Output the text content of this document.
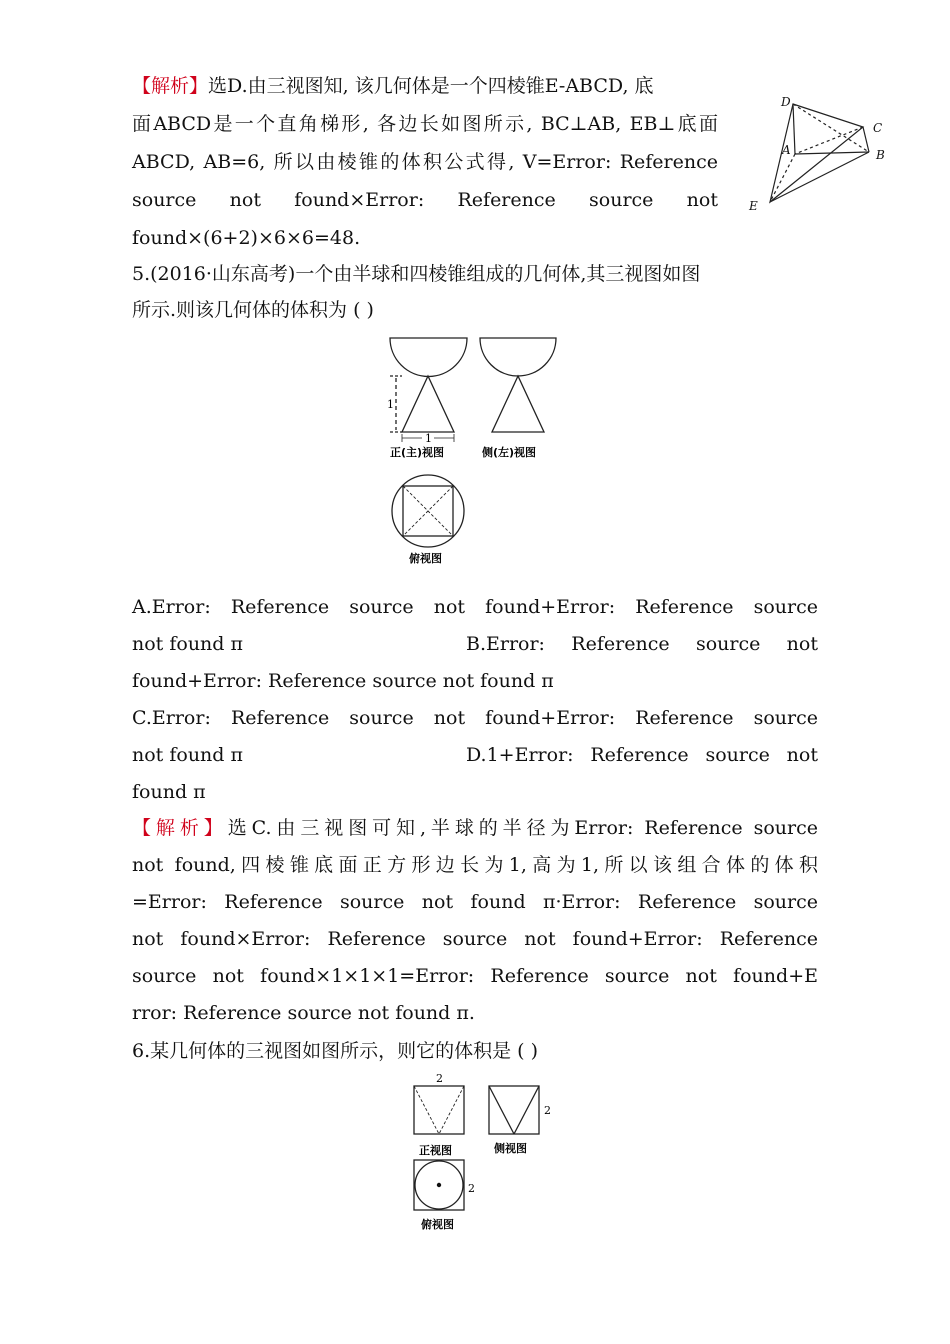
【解析】选D.由三视图知, 该几何体是一个四棱锥E-ABCD, 底
面ABCD是一个直角梯形, 各边长如图所示, BC⊥AB, EB⊥底面
ABCD, AB=6, 所以由棱锥的体积公式得, V=Error: Reference
source not found×Error: Reference source not
found×(6+2)×6×6=48.
D
C
A	B
E
5.(2016·山东高考)一个由半球和四棱锥组成的几何体,其三视图如图
所示.则该几何体的体积为 ( )
1
1
正(主)视图	侧(左)视图
俯视图
A.Error: Reference source not found+Error: Reference source
not found π	B.Error: Reference source not
found+Error: Reference source not found π
C.Error: Reference source not found+Error: Reference source
not found π	D.1+Error: Reference source not
found π
【解析】选C.由三视图可知,半球的半径为Error: Reference source
not found,四棱锥底面正方形边长为1,高为1,所以该组合体的体积
=Error: Reference source not found π·Error: Reference source
not found×Error: Reference source not found+Error: Reference
source not found×1×1×1=Error: Reference source not found+E
rror: Reference source not found π.
6.某几何体的三视图如图所示，则它的体积是 ( )
2
2
2
正视图	侧视图
俯视图
